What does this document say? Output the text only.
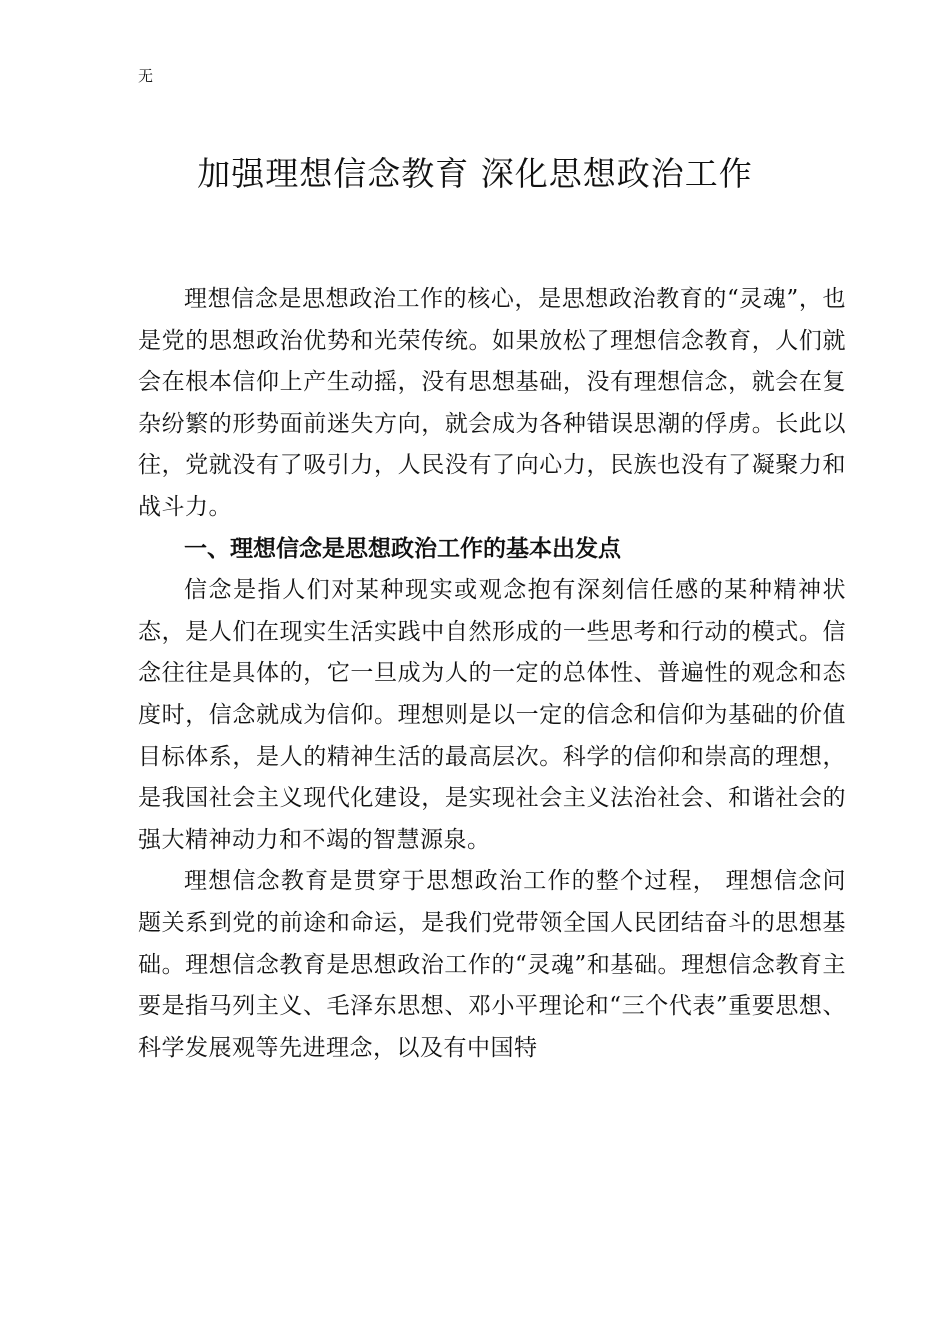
无
加强理想信念教育 深化思想政治工作

理想信念是思想政治工作的核心，是思想政治教育的“灵魂”，也是党的思想政治优势和光荣传统。如果放松了理想信念教育，人们就会在根本信仰上产生动摇，没有思想基础，没有理想信念，就会在复杂纷繁的形势面前迷失方向，就会成为各种错误思潮的俘虏。长此以往，党就没有了吸引力，人民没有了向心力，民族也没有了凝聚力和战斗力。

一、理想信念是思想政治工作的基本出发点

信念是指人们对某种现实或观念抱有深刻信任感的某种精神状态，是人们在现实生活实践中自然形成的一些思考和行动的模式。信念往往是具体的，它一旦成为人的一定的总体性、普遍性的观念和态度时，信念就成为信仰。理想则是以一定的信念和信仰为基础的价值目标体系，是人的精神生活的最高层次。科学的信仰和崇高的理想，是我国社会主义现代化建设，是实现社会主义法治社会、和谐社会的强大精神动力和不竭的智慧源泉。

理想信念教育是贯穿于思想政治工作的整个过程， 理想信念问题关系到党的前途和命运，是我们党带领全国人民团结奋斗的思想基础。理想信念教育是思想政治工作的“灵魂”和基础。理想信念教育主要是指马列主义、毛泽东思想、邓小平理论和“三个代表”重要思想、科学发展观等先进理念，以及有中国特
